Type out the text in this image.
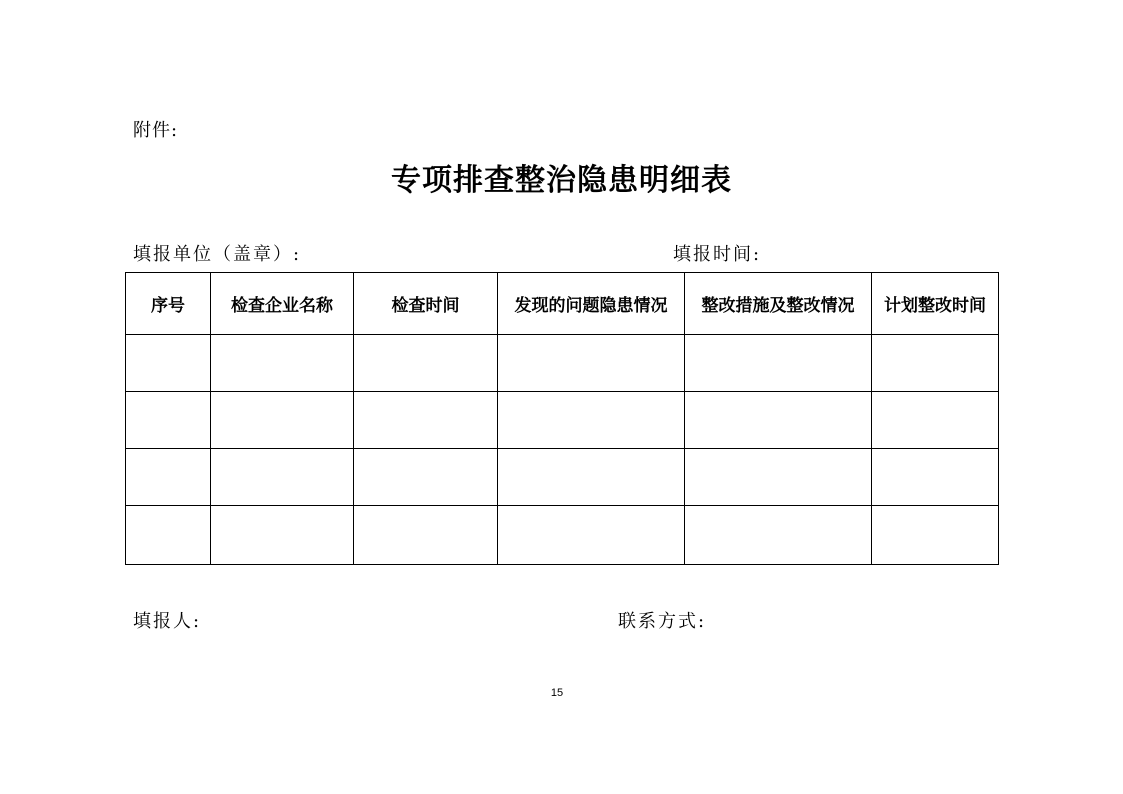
附件:
专项排查整治隐患明细表
填报单位（盖章）:	填报时间:
序号	检查企业名称	检查时间	发现的问题隐患情况	整改措施及整改情况	计划整改时间

填报人:	联系方式:
15
